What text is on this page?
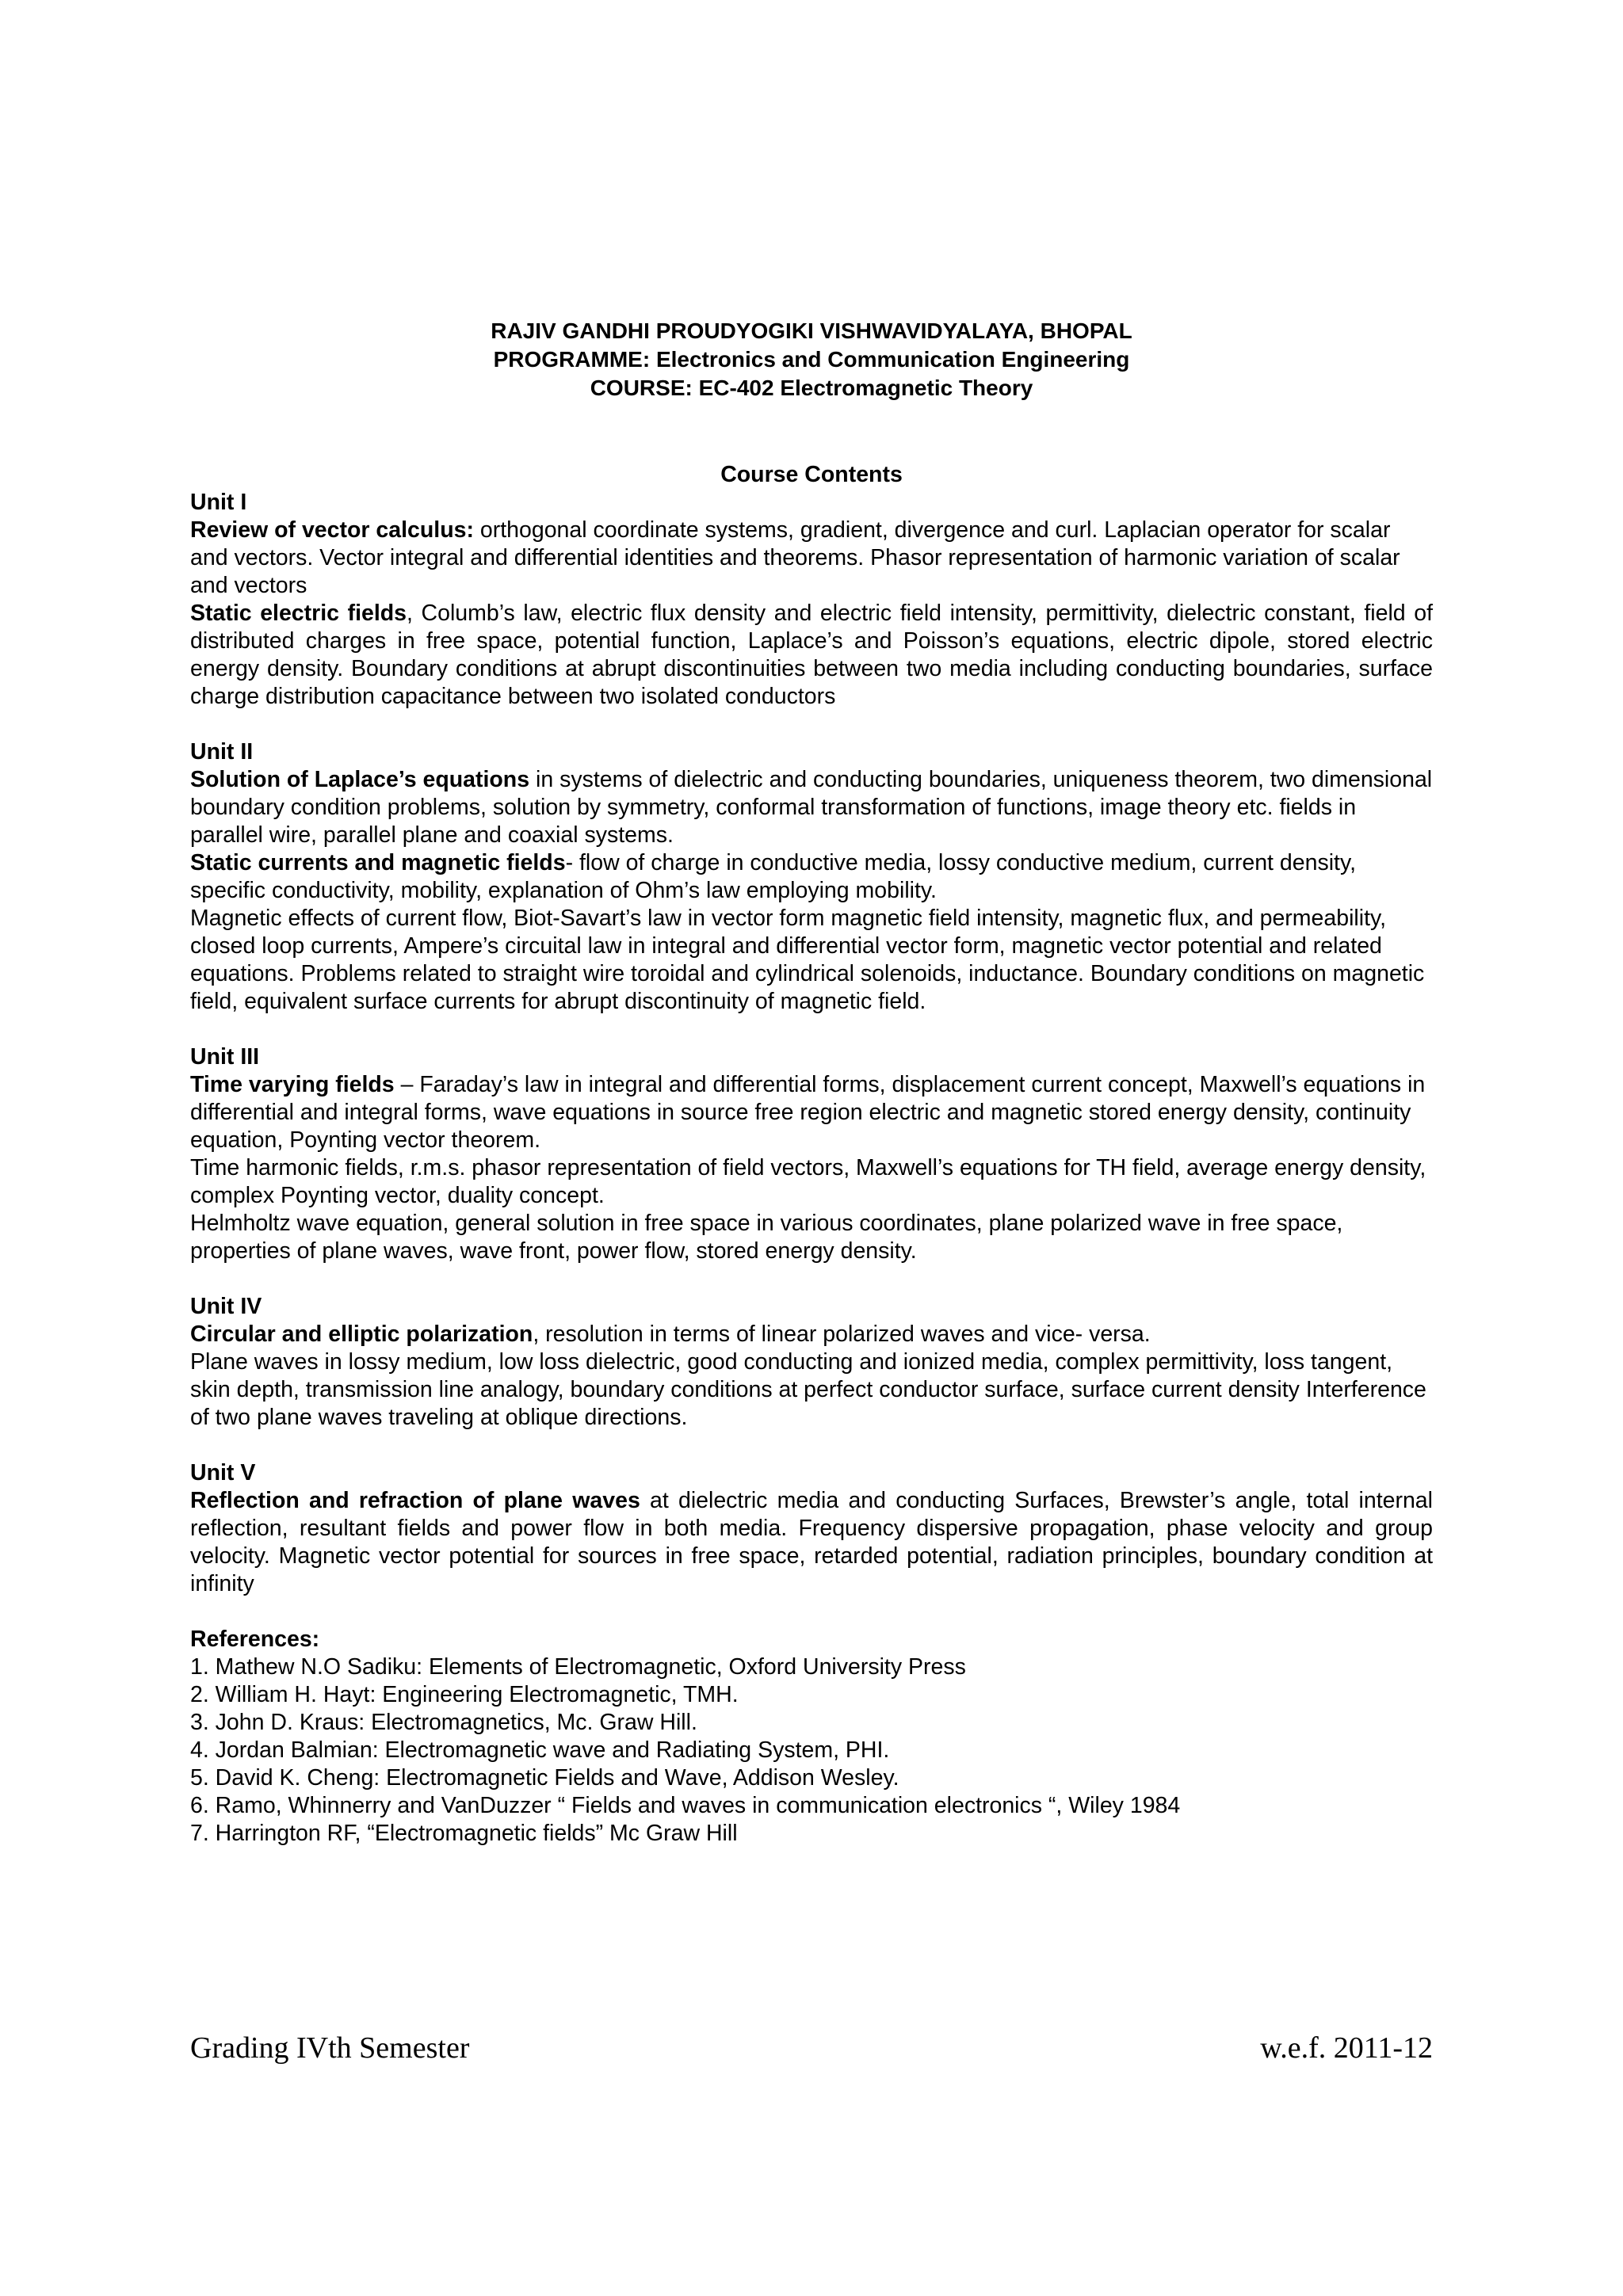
RAJIV GANDHI PROUDYOGIKI VISHWAVIDYALAYA, BHOPAL
PROGRAMME: Electronics and Communication Engineering
COURSE: EC-402 Electromagnetic Theory
Course Contents
Unit I
Review of vector calculus: orthogonal coordinate systems, gradient, divergence and curl. Laplacian operator for scalar and vectors. Vector integral and differential identities and theorems. Phasor representation of harmonic variation of scalar and vectors
Static electric fields, Columb’s law, electric flux density and electric field intensity, permittivity, dielectric constant, field of distributed charges in free space, potential function, Laplace’s and Poisson’s equations, electric dipole, stored electric energy density. Boundary conditions at abrupt discontinuities between two media including conducting boundaries, surface charge distribution capacitance between two isolated conductors
Unit II
Solution of Laplace’s equations in systems of dielectric and conducting boundaries, uniqueness theorem, two dimensional boundary condition problems, solution by symmetry, conformal transformation of functions, image theory etc. fields in parallel wire, parallel plane and coaxial systems.
Static currents and magnetic fields- flow of charge in conductive media, lossy conductive medium, current density, specific conductivity, mobility, explanation of Ohm’s law employing mobility.
Magnetic effects of current flow, Biot-Savart’s law in vector form magnetic field intensity, magnetic flux, and permeability, closed loop currents, Ampere’s circuital law in integral and differential vector form, magnetic vector potential and related equations. Problems related to straight wire toroidal and cylindrical solenoids, inductance. Boundary conditions on magnetic field, equivalent surface currents for abrupt discontinuity of magnetic field.
Unit III
Time varying fields – Faraday’s law in integral and differential forms, displacement current concept, Maxwell’s equations in differential and integral forms, wave equations in source free region electric and magnetic stored energy density, continuity equation, Poynting vector theorem.
Time harmonic fields, r.m.s. phasor representation of field vectors, Maxwell’s equations for TH field, average energy density, complex Poynting vector, duality concept.
Helmholtz wave equation, general solution in free space in various coordinates, plane polarized wave in free space, properties of plane waves, wave front, power flow, stored energy density.
Unit IV
Circular and elliptic polarization, resolution in terms of linear polarized waves and vice- versa.
Plane waves in lossy medium, low loss dielectric, good conducting and ionized media, complex permittivity, loss tangent, skin depth, transmission line analogy, boundary conditions at perfect conductor surface, surface current density Interference of two plane waves traveling at oblique directions.
Unit V
Reflection and refraction of plane waves at dielectric media and conducting Surfaces, Brewster’s angle, total internal reflection, resultant fields and power flow in both media. Frequency dispersive propagation, phase velocity and group velocity. Magnetic vector potential for sources in free space, retarded potential, radiation principles, boundary condition at infinity
References:
1. Mathew N.O Sadiku: Elements of Electromagnetic, Oxford University Press
2. William H. Hayt: Engineering Electromagnetic, TMH.
3. John D. Kraus: Electromagnetics, Mc. Graw Hill.
4. Jordan Balmian: Electromagnetic wave and Radiating System, PHI.
5. David K. Cheng: Electromagnetic Fields and Wave, Addison Wesley.
6. Ramo, Whinnerry and VanDuzzer “ Fields and waves in communication electronics “, Wiley 1984
7. Harrington RF, “Electromagnetic fields” Mc Graw Hill
Grading IVth Semester	w.e.f. 2011-12
